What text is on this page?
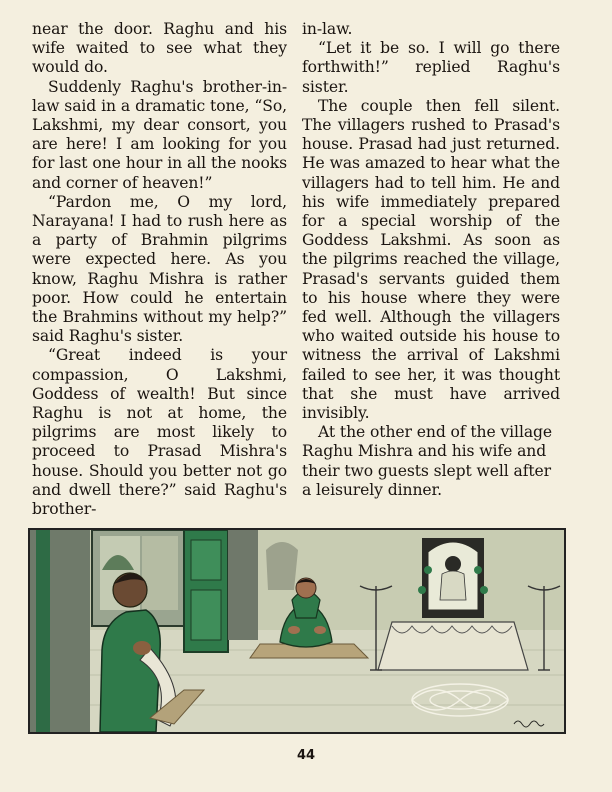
near the door. Raghu and his wife waited to see what they would do.

Suddenly Raghu's brother-in-law said in a dramatic tone, “So, Lakshmi, my dear consort, you are here! I am looking for you for last one hour in all the nooks and corner of heaven!”

“Pardon me, O my lord, Narayana! I had to rush here as a party of Brahmin pilgrims were expected here. As you know, Raghu Mishra is rather poor. How could he entertain the Brahmins without my help?” said Raghu's sister.

“Great indeed is your compassion, O Lakshmi, Goddess of wealth! But since Raghu is not at home, the pilgrims are most likely to proceed to Prasad Mishra's house. Should you better not go and dwell there?” said Raghu's brother-

in-law.

“Let it be so. I will go there forthwith!” replied Raghu's sister.

The couple then fell silent. The villagers rushed to Prasad's house. Prasad had just returned. He was amazed to hear what the villagers had to tell him. He and his wife immediately prepared for a special worship of the Goddess Lakshmi. As soon as the pilgrims reached the village, Prasad's servants guided them to his house where they were fed well. Although the villagers who waited outside his house to witness the arrival of Lakshmi failed to see her, it was thought that she must have arrived invisibly.

At the other end of the village Raghu Mishra and his wife and their two guests slept well after a leisurely dinner.

44
